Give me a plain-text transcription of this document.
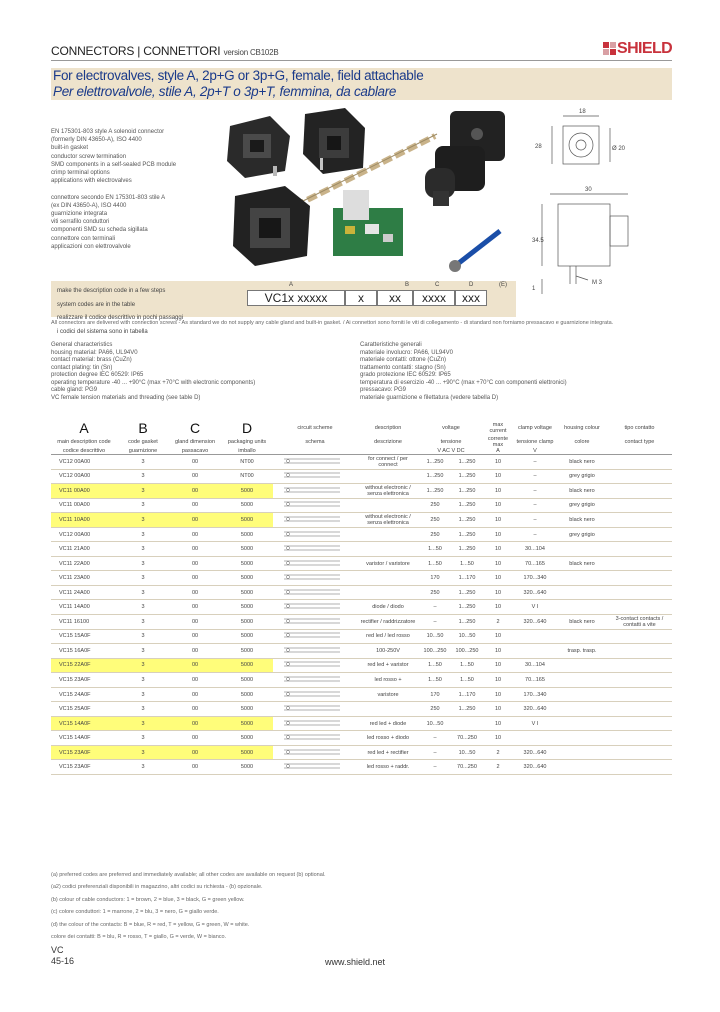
CONNECTORS | CONNETTORI version CB102B	SHIELD
For electrovalves, style A, 2p+G or 3p+G, female, field attachable
Per elettrovalvole, stile A, 2p+T o 3p+T, femmina, da cablare

EN 175301-803 style A solenoid connector

(formerly DIN 43650-A), ISO 4400

built-in gasket

conductor screw termination

SMD components in a self-sealed PCB module

crimp terminal options

applications with electrovalves

connettore secondo EN 175301-803 stile A

(ex DIN 43650-A), ISO 4400

guarnizione integrata

viti serrafilo conduttori

componenti SMD su scheda sigillata

connettore con terminali

applicazioni con elettrovalvole

18
28	Ø 20
30
34.5
M 3
1

make the description code in a few steps

system codes are in the table

realizzare il codice descrittivo in pochi passaggi

i codici del sistema sono in tabella

A	B	C	D	(E)
VC1x xxxxx	x	xx	xxxx	xxx
All connectors are delivered with connection screws - As standard we do not supply any cable gland and built-in gasket. / Ai connettori sono forniti le viti di collegamento - di standard non forniamo pressacavo e guarnizione integrata.

General characteristics

housing material: PA66, UL94V0

contact material: brass (CuZn)

contact plating: tin (Sn)

protection degree IEC 60529: IP65

operating temperature -40 ... +90°C (max +70°C with electronic components)

cable gland: PG9

VC female tension materials and threading (see table D)

Caratteristiche generali

materiale involucro: PA66, UL94V0

materiale contatti: ottone (CuZn)

trattamento contatti: stagno (Sn)

grado protezione IEC 60529: IP65

temperatura di esercizio -40 ... +90°C (max +70°C con componenti elettronici)

pressacavo: PG9

materiale guarnizione e filettatura (vedere tabella D)

A	B	C	D	circuit scheme	description	voltage		max current	clamp voltage	housing colour	tipo contatto
main description code	code gasket	gland dimension	packaging units	schema	descrizione	tensione		corrente max	tensione clamp	colore	contact type
codice descrittivo	guarnizione	passacavo	imballo			V AC V DC		A	V		
VC12 00A00	3	00	NT00		for connect / per connect	1...250	1...250	10	–	black nero	
VC12 00A00	3	00	NT00			1...250	1...250	10	–	grey grigio	
VC11 00A00	3	00	5000		without electronic / senza elettronica	1...250	1...250	10	–	black nero	
VC11 00A00	3	00	5000			250	1...250	10	–	grey grigio	
VC11 10A00	3	00	5000		without electronic / senza elettronica	250	1...250	10	–	black nero	
VC12 00A00	3	00	5000			250	1...250	10	–	grey grigio	
VC11 21A00	3	00	5000			1...50	1...250	10	30...104		
VC11 22A00	3	00	5000		varistor / varistore	1...50	1...50	10	70...165	black nero	
VC11 23A00	3	00	5000			170	1...170	10	170...340		
VC11 24A00	3	00	5000			250	1...250	10	320...640		
VC11 14A00	3	00	5000		diode / diodo	–	1...250	10	V I		
VC11 16100	3	00	5000		rectifier / raddrizzatore	–	1...250	2	320...640	black nero	3-contact contacts / contatti a vite
VC15 15A0F	3	00	5000		red led / led rosso	10...50	10...50	10			
VC15 16A0F	3	00	5000		100-250V	100...250	100...250	10		trasp. trasp.	
VC15 22A0F	3	00	5000		red led + varistor	1...50	1...50	10	30...104		
VC15 23A0F	3	00	5000		led rosso +	1...50	1...50	10	70...165		
VC15 24A0F	3	00	5000		varistore	170	1...170	10	170...340		
VC15 25A0F	3	00	5000			250	1...250	10	320...640		
VC15 14A0F	3	00	5000		red led + diode	10...50		10	V I		
VC15 14A0F	3	00	5000		led rosso + diodo	–	70...250	10			
VC15 23A0F	3	00	5000		red led + rectifier	–	10...50	2	320...640		
VC15 23A0F	3	00	5000		led rosso + raddr.	–	70...250	2	320...640		

(a) preferred codes are preferred and immediately available; all other codes are available on request (b) optional.

(a2) codici preferenziali disponibili in magazzino, altri codici su richiesta - (b) opzionale.

(b) colour of cable conductors: 1 = brown, 2 = blue, 3 = black, G = green yellow.

(c) colore conduttori: 1 = marrone, 2 = blu, 3 = nero, G = giallo verde.

(d) the colour of the contacts: B = blue, R = red, T = yellow, G = green, W = white.

colore dei contatti: B = blu, R = rosso, T = giallo, G = verde, W = bianco.

VC
45-16	www.shield.net
